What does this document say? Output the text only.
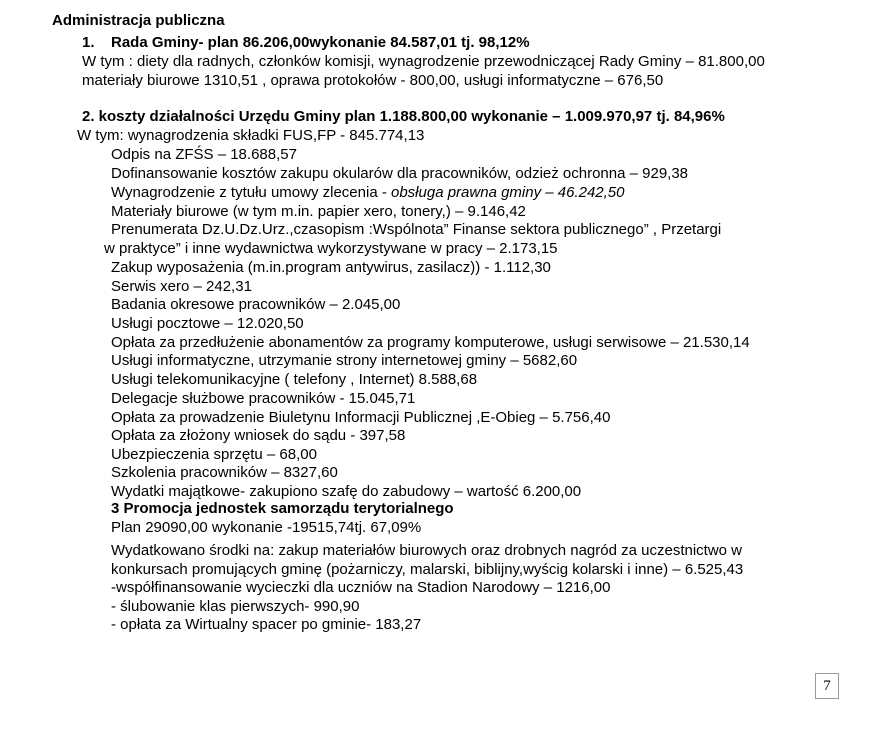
Administracja publiczna
1. Rada Gminy- plan 86.206,00wykonanie 84.587,01 tj. 98,12%
W tym : diety dla radnych, członków komisji, wynagrodzenie przewodniczącej Rady Gminy – 81.800,00
materiały biurowe 1310,51 , oprawa protokołów - 800,00, usługi informatyczne – 676,50
2. koszty działalności Urzędu Gminy plan 1.188.800,00 wykonanie – 1.009.970,97 tj. 84,96%
W tym: wynagrodzenia składki FUS,FP - 845.774,13
Odpis na ZFŚS – 18.688,57
Dofinansowanie kosztów zakupu okularów dla pracowników, odzież ochronna – 929,38
Wynagrodzenie z tytułu umowy zlecenia - obsługa prawna gminy – 46.242,50
Materiały biurowe (w tym m.in. papier xero, tonery,) – 9.146,42
Prenumerata Dz.U.Dz.Urz.,czasopism :Wspólnota” Finanse sektora publicznego” , Przetargi
w praktyce” i inne wydawnictwa wykorzystywane w pracy – 2.173,15
Zakup wyposażenia (m.in.program antywirus, zasilacz)) - 1.112,30
Serwis xero – 242,31
Badania okresowe pracowników – 2.045,00
Usługi pocztowe – 12.020,50
Opłata za przedłużenie abonamentów za programy komputerowe, usługi serwisowe – 21.530,14
Usługi informatyczne, utrzymanie strony internetowej gminy – 5682,60
Usługi telekomunikacyjne ( telefony , Internet) 8.588,68
Delegacje służbowe pracowników - 15.045,71
Opłata za prowadzenie Biuletynu Informacji Publicznej ,E-Obieg – 5.756,40
Opłata za złożony wniosek do sądu - 397,58
Ubezpieczenia sprzętu – 68,00
Szkolenia pracowników – 8327,60
Wydatki majątkowe- zakupiono szafę do zabudowy – wartość 6.200,00
3 Promocja jednostek samorządu terytorialnego
Plan 29090,00 wykonanie -19515,74tj. 67,09%
Wydatkowano środki na: zakup materiałów biurowych oraz drobnych nagród za uczestnictwo w
konkursach promujących gminę (pożarniczy, malarski, biblijny,wyścig kolarski i inne) – 6.525,43
-współfinansowanie wycieczki dla uczniów na Stadion Narodowy – 1216,00
- ślubowanie klas pierwszych- 990,90
- opłata za Wirtualny spacer po gminie- 183,27
7
